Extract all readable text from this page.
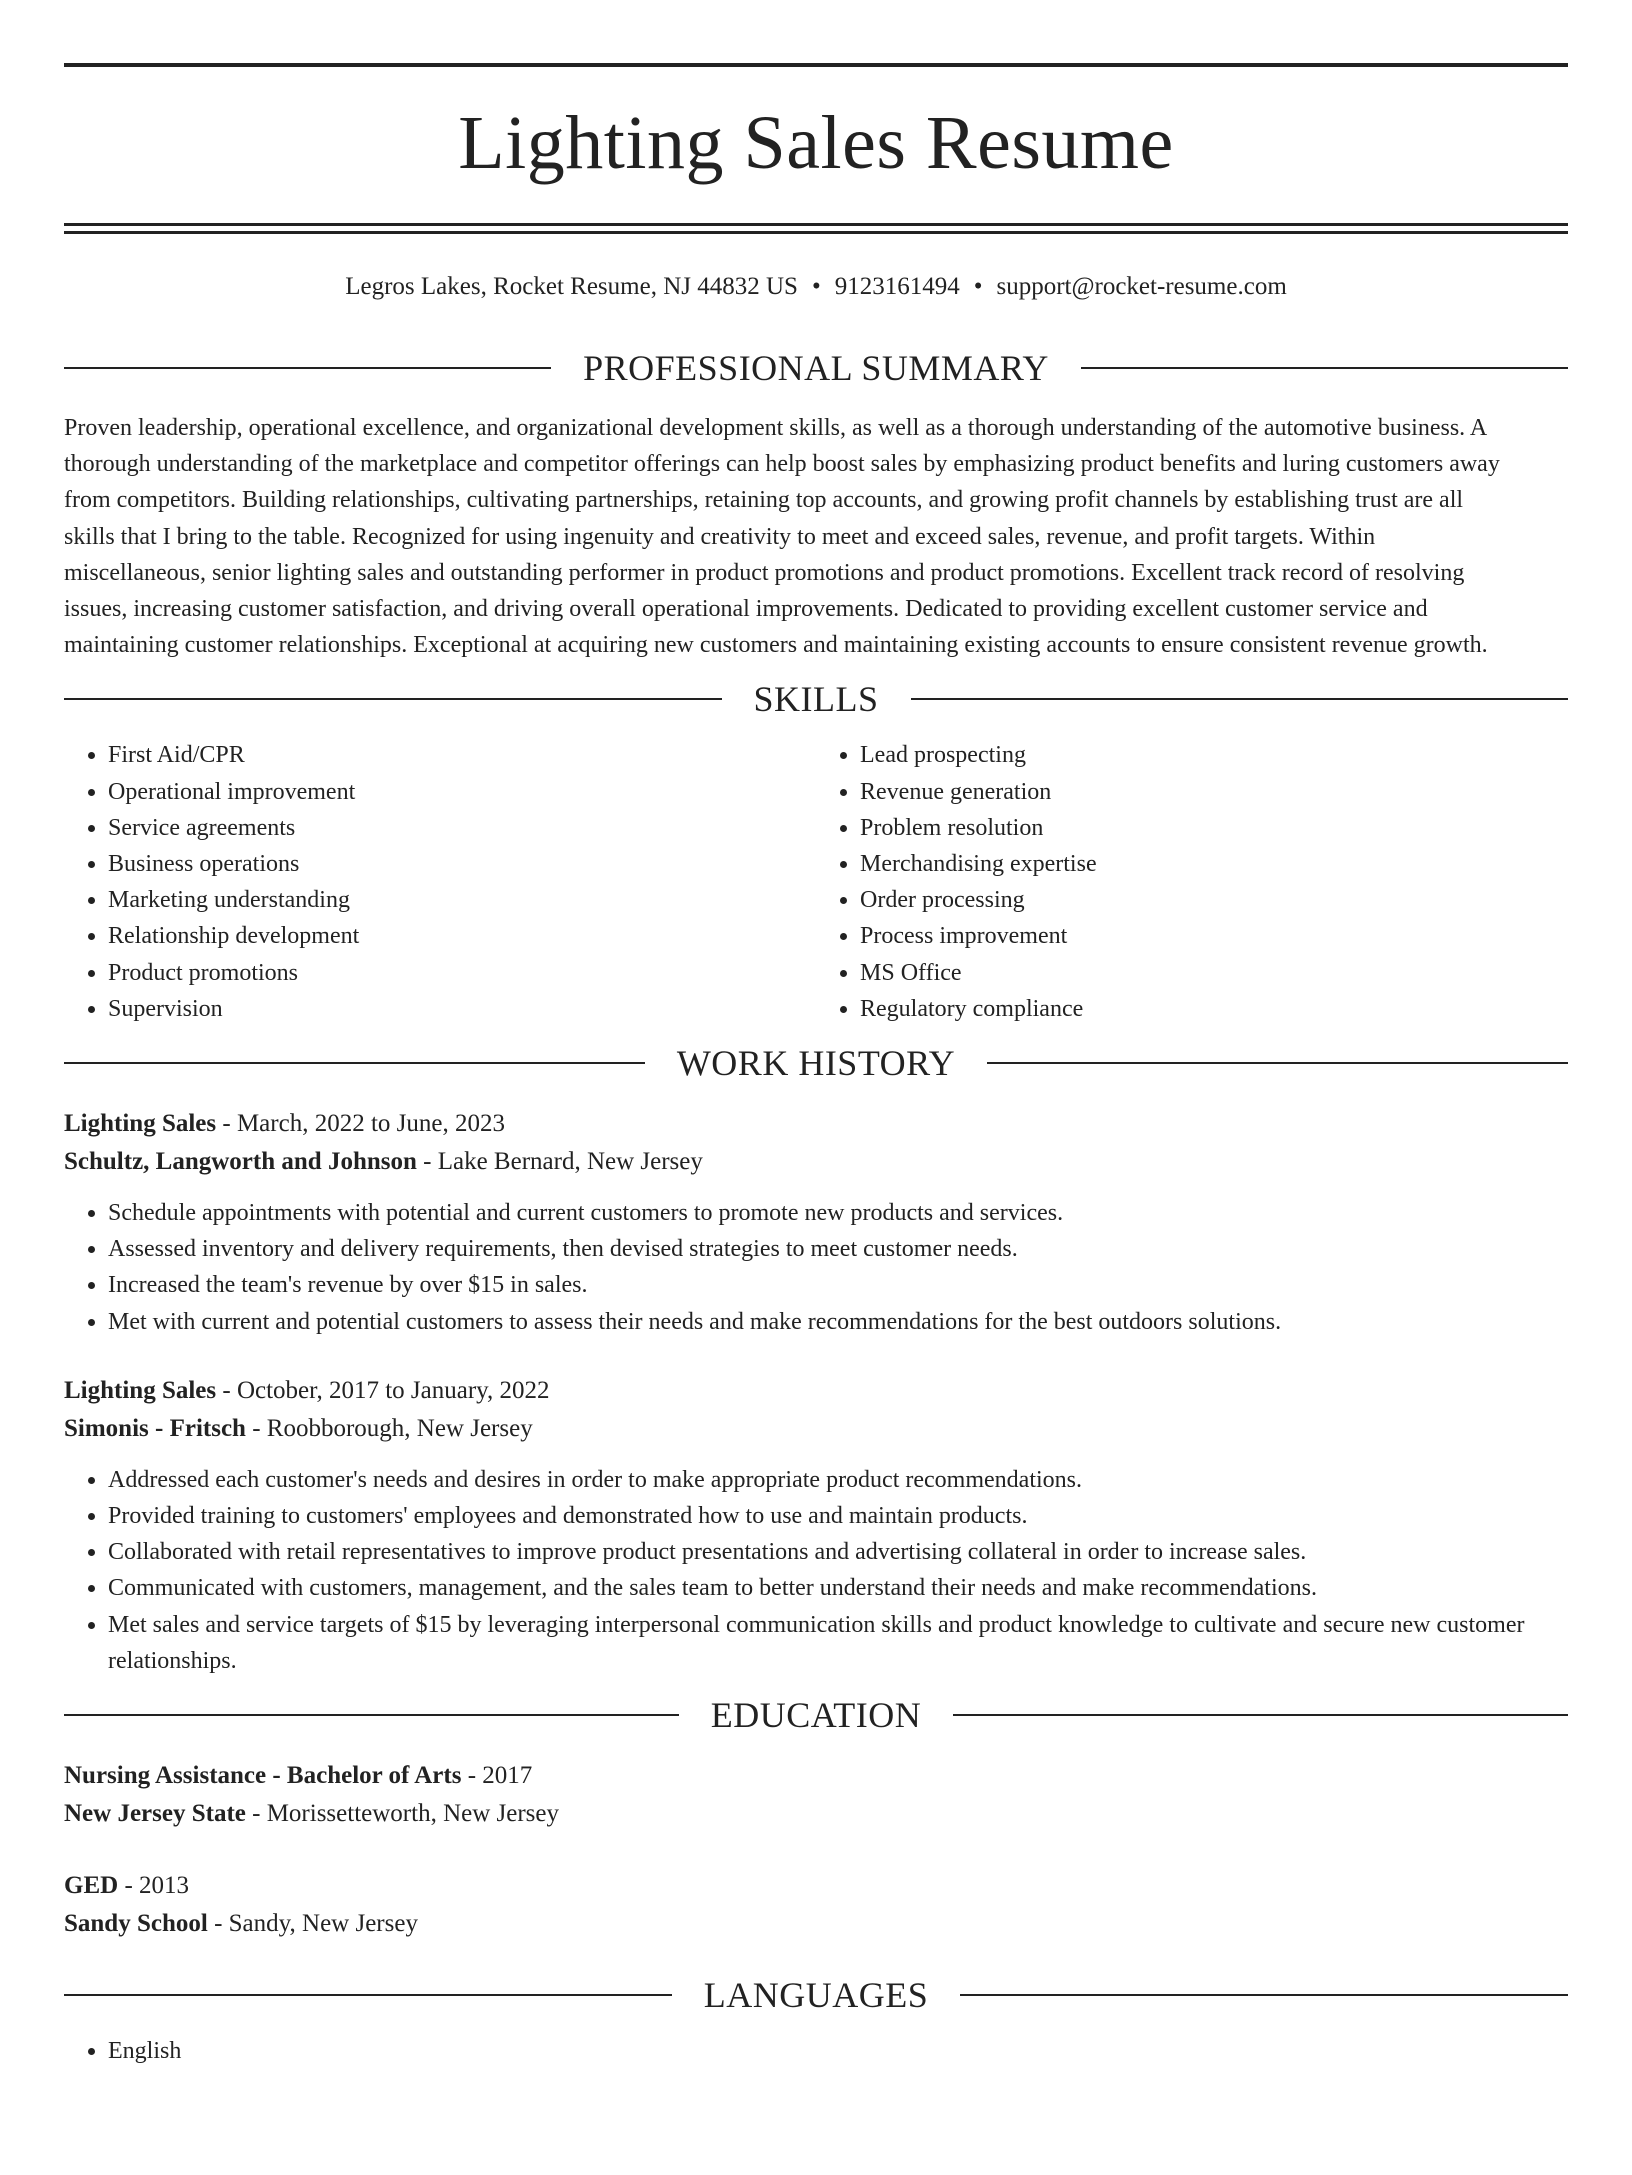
Lighting Sales Resume
Legros Lakes, Rocket Resume, NJ 44832 US • 9123161494 • support@rocket-resume.com
PROFESSIONAL SUMMARY
Proven leadership, operational excellence, and organizational development skills, as well as a thorough understanding of the automotive business. A
thorough understanding of the marketplace and competitor offerings can help boost sales by emphasizing product benefits and luring customers away
from competitors. Building relationships, cultivating partnerships, retaining top accounts, and growing profit channels by establishing trust are all
skills that I bring to the table. Recognized for using ingenuity and creativity to meet and exceed sales, revenue, and profit targets. Within
miscellaneous, senior lighting sales and outstanding performer in product promotions and product promotions. Excellent track record of resolving
issues, increasing customer satisfaction, and driving overall operational improvements. Dedicated to providing excellent customer service and
maintaining customer relationships. Exceptional at acquiring new customers and maintaining existing accounts to ensure consistent revenue growth.
SKILLS
• First Aid/CPR
• Operational improvement
• Service agreements
• Business operations
• Marketing understanding
• Relationship development
• Product promotions
• Supervision
• Lead prospecting
• Revenue generation
• Problem resolution
• Merchandising expertise
• Order processing
• Process improvement
• MS Office
• Regulatory compliance
WORK HISTORY
Lighting Sales - March, 2022 to June, 2023
Schultz, Langworth and Johnson - Lake Bernard, New Jersey
• Schedule appointments with potential and current customers to promote new products and services.
• Assessed inventory and delivery requirements, then devised strategies to meet customer needs.
• Increased the team's revenue by over $15 in sales.
• Met with current and potential customers to assess their needs and make recommendations for the best outdoors solutions.
Lighting Sales - October, 2017 to January, 2022
Simonis - Fritsch - Roobborough, New Jersey
• Addressed each customer's needs and desires in order to make appropriate product recommendations.
• Provided training to customers' employees and demonstrated how to use and maintain products.
• Collaborated with retail representatives to improve product presentations and advertising collateral in order to increase sales.
• Communicated with customers, management, and the sales team to better understand their needs and make recommendations.
• Met sales and service targets of $15 by leveraging interpersonal communication skills and product knowledge to cultivate and secure new customer relationships.
EDUCATION
Nursing Assistance - Bachelor of Arts - 2017
New Jersey State - Morissetteworth, New Jersey
GED - 2013
Sandy School - Sandy, New Jersey
LANGUAGES
• English
